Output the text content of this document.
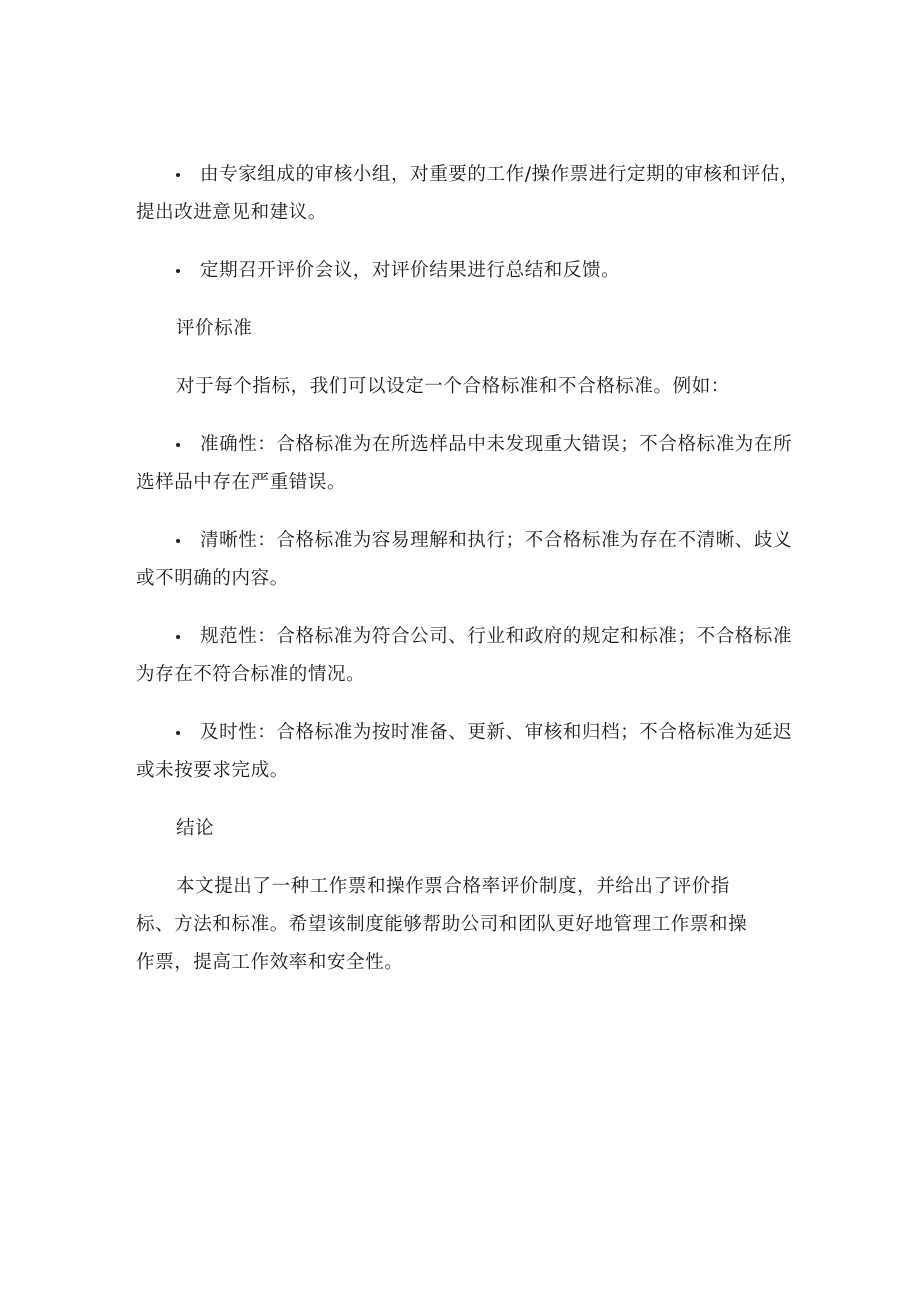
由专家组成的审核小组，对重要的工作/操作票进行定期的审核和评估，提出改进意见和建议。

定期召开评价会议，对评价结果进行总结和反馈。

评价标准

对于每个指标，我们可以设定一个合格标准和不合格标准。例如：

准确性：合格标准为在所选样品中未发现重大错误；不合格标准为在所选样品中存在严重错误。

清晰性：合格标准为容易理解和执行；不合格标准为存在不清晰、歧义或不明确的内容。

规范性：合格标准为符合公司、行业和政府的规定和标准；不合格标准为存在不符合标准的情况。

及时性：合格标准为按时准备、更新、审核和归档；不合格标准为延迟或未按要求完成。

结论

本文提出了一种工作票和操作票合格率评价制度，并给出了评价指标、方法和标准。希望该制度能够帮助公司和团队更好地管理工作票和操作票，提高工作效率和安全性。
